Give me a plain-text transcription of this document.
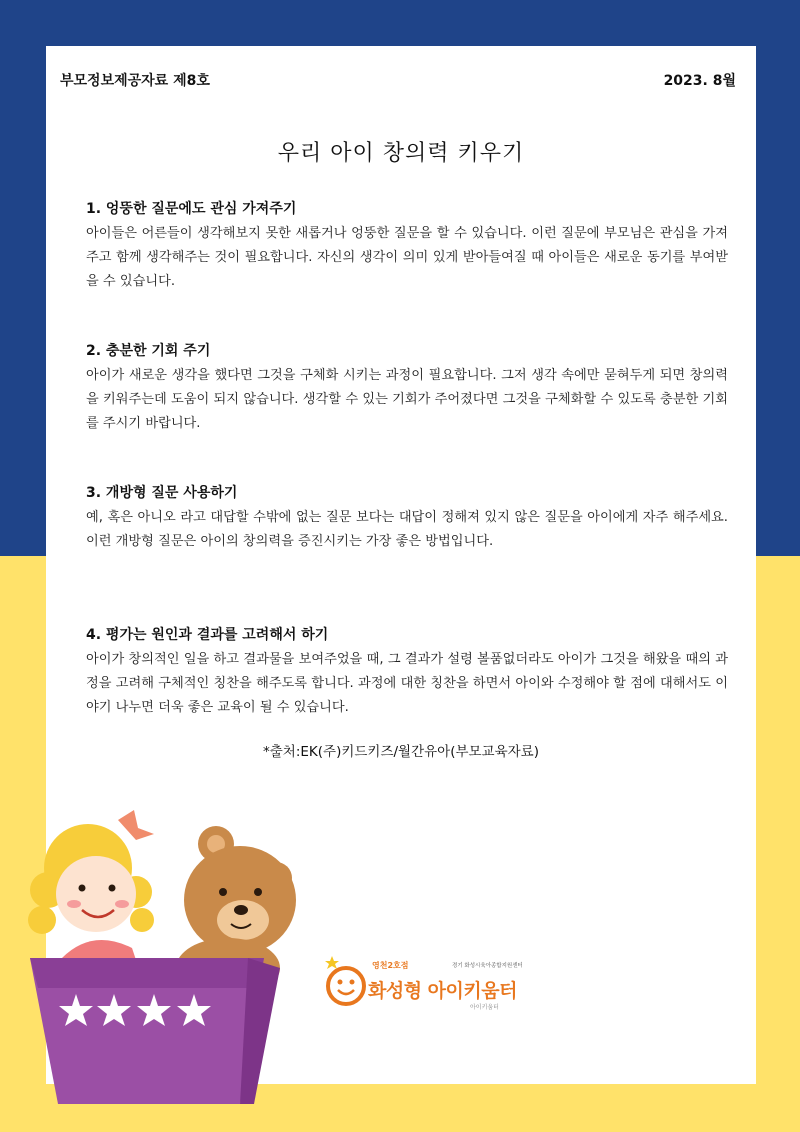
부모정보제공자료 제8호	2023. 8월
우리 아이 창의력 키우기

1. 엉뚱한 질문에도 관심 가져주기

아이들은 어른들이 생각해보지 못한 새롭거나 엉뚱한 질문을 할 수 있습니다. 이런 질문에 부모님은 관심을 가져주고 함께 생각해주는 것이 필요합니다. 자신의 생각이 의미 있게 받아들여질 때 아이들은 새로운 동기를 부여받을 수 있습니다.

2. 충분한 기회 주기

아이가 새로운 생각을 했다면 그것을 구체화 시키는 과정이 필요합니다. 그저 생각 속에만 묻혀두게 되면 창의력을 키워주는데 도움이 되지 않습니다. 생각할 수 있는 기회가 주어졌다면 그것을 구체화할 수 있도록 충분한 기회를 주시기 바랍니다.

3. 개방형 질문 사용하기

예, 혹은 아니오 라고 대답할 수밖에 없는 질문 보다는 대답이 정해져 있지 않은 질문을 아이에게 자주 해주세요. 이런 개방형 질문은 아이의 창의력을 증진시키는 가장 좋은 방법입니다.

4. 평가는 원인과 결과를 고려해서 하기

아이가 창의적인 일을 하고 결과물을 보여주었을 때, 그 결과가 설령 볼품없더라도 아이가 그것을 해왔을 때의 과정을 고려해 구체적인 칭찬을 해주도록 합니다. 과정에 대한 칭찬을 하면서 아이와 수정해야 할 점에 대해서도 이야기 나누면 더욱 좋은 교육이 될 수 있습니다.

*출처:EK(주)키드키즈/월간유아(부모교육자료)
영천2호점	경기 화성시육아종합지원센터
화성형 아이키움터
아이키움터
